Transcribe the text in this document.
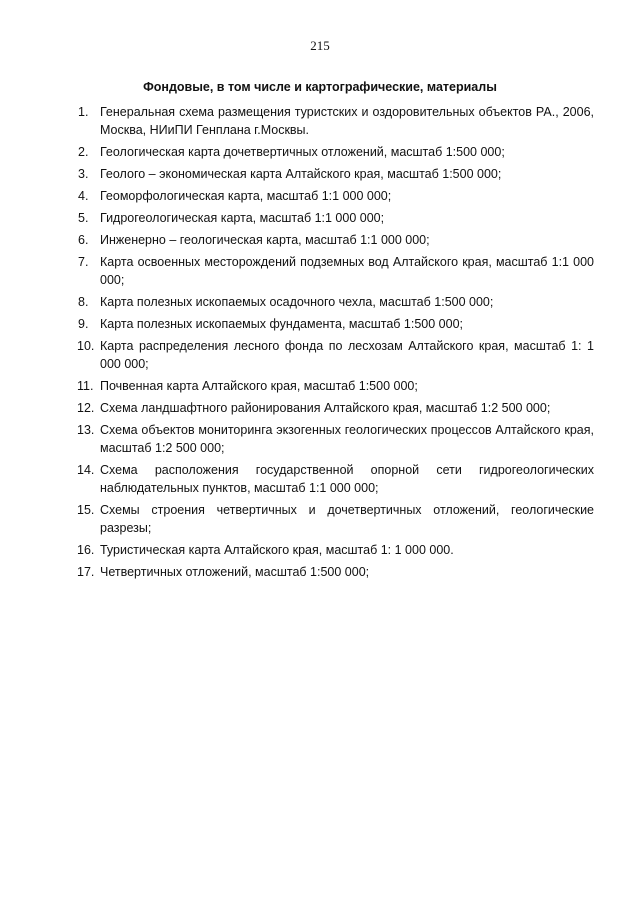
215
Фондовые, в том числе и картографические, материалы
1. Генеральная схема размещения туристских и оздоровительных объектов РА., 2006, Москва, НИиПИ Генплана г.Москвы.
2. Геологическая карта дочетвертичных отложений, масштаб 1:500 000;
3. Геолого – экономическая карта Алтайского края, масштаб 1:500 000;
4. Геоморфологическая карта, масштаб 1:1 000 000;
5. Гидрогеологическая карта, масштаб 1:1 000 000;
6. Инженерно – геологическая карта, масштаб 1:1 000 000;
7. Карта освоенных месторождений подземных вод Алтайского края, масштаб 1:1 000 000;
8. Карта полезных ископаемых осадочного чехла, масштаб 1:500 000;
9. Карта полезных ископаемых фундамента, масштаб 1:500 000;
10. Карта распределения лесного фонда по лесхозам Алтайского края, масштаб 1: 1 000 000;
11. Почвенная карта Алтайского края, масштаб 1:500 000;
12. Схема ландшафтного районирования Алтайского края, масштаб 1:2 500 000;
13. Схема объектов мониторинга экзогенных геологических процессов Алтайского края, масштаб 1:2 500 000;
14. Схема расположения государственной опорной сети гидрогеологических наблюдательных пунктов, масштаб 1:1 000 000;
15. Схемы строения четвертичных и дочетвертичных отложений, геологические разрезы;
16. Туристическая карта Алтайского края, масштаб 1: 1 000 000.
17. Четвертичных отложений, масштаб 1:500 000;
